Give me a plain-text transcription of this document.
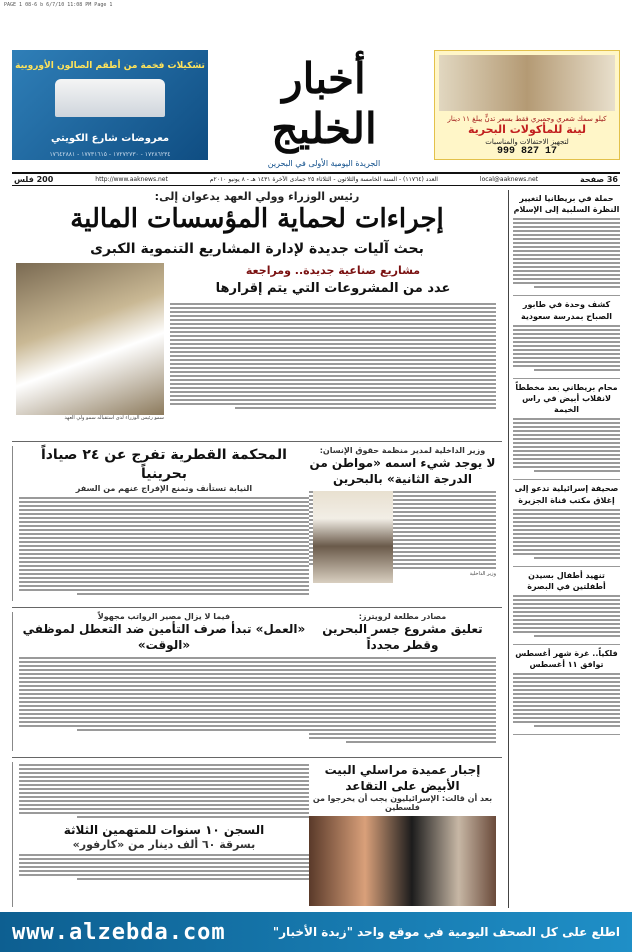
PAGE 1 08-6 b 6/7/10 11:08 PM Page 1
تشكيلات فخمة من أطقم الصالون الأوروبية
معروضات شارع الكويتي
١٧٢٨٦٢٣٤ - ١٧٢٧٢٧٣٠ - ١٧٧٣١٦١٥ - ١٧٦٤٢٨٨١
أخبار الخليج
الجريدة اليومية الأولى في البحرين
كيلو سمك شعري وجمبري فقط بسعر تدنٍّ يبلغ ١١ دينار
لينة للمأكولات البحرية
لتجهيز الاحتفالات والمناسبات
17 827 999
36 صفحة
local@aaknews.net
العدد (١١٧٦٤) - السنة الخامسة والثلاثون - الثلاثاء ٢٥ جمادى الآخرة ١٤٣١ هـ - ٨ يونيو ٢٠١٠م
http://www.aaknews.net
200 فلس
حملة في بريطانيا لتغيير النظرة السلبية إلى الإسلام
كشف وحدة في طابور الصباح بمدرسة سعودية
محام بريطاني بعد مخططاً لانقلاب أبيض في راس الخيمة
صحيفة إسرائيلية تدعو إلى إغلاق مكتب قناة الجزيرة
تنهيد أطفال بسيدن أطفلتين في البصرة
فلكياً.. غرة شهر أغسطس توافق ١١ أغسطس
رئيس الوزراء وولي العهد يدعوان إلى:
إجراءات لحماية المؤسسات المالية
بحث آليات جديدة لإدارة المشاريع التنموية الكبرى
سمو رئيس الوزراء لدى استقباله سمو ولي العهد
مشاريع صناعية جديدة.. ومراجعة
عدد من المشروعات التي يتم إقرارها
وزير الداخلية لمدير منظمة حقوق الإنسان:
لا يوجد شيء اسمه «مواطن من الدرجة الثانية» بالبحرين
وزير الداخلية
المحكمة القطرية تفرج عن ٢٤ صياداً بحرينياً
النيابة تستأنف وتمنع الإفراج عنهم من السفر
مصادر مطلعة لرويترز:
تعليق مشروع جسر البحرين وقطر مجدداً
فيما لا يزال مصير الرواتب مجهولاً
«العمل» تبدأ صرف التأمين ضد التعطل لموظفي «الوقت»
إجبار عميدة مراسلي البيت الأبيض على التقاعد
بعد أن قالت: الإسرائيليون يجب أن يخرجوا من فلسطين
السجن ١٠ سنوات للمتهمين الثلاثة
بسرقة ٦٠ ألف دينار من «كارفور»
www.alzebda.com	اطلع على كل الصحف اليومية في موقع واحد "زبدة الأخبار"
